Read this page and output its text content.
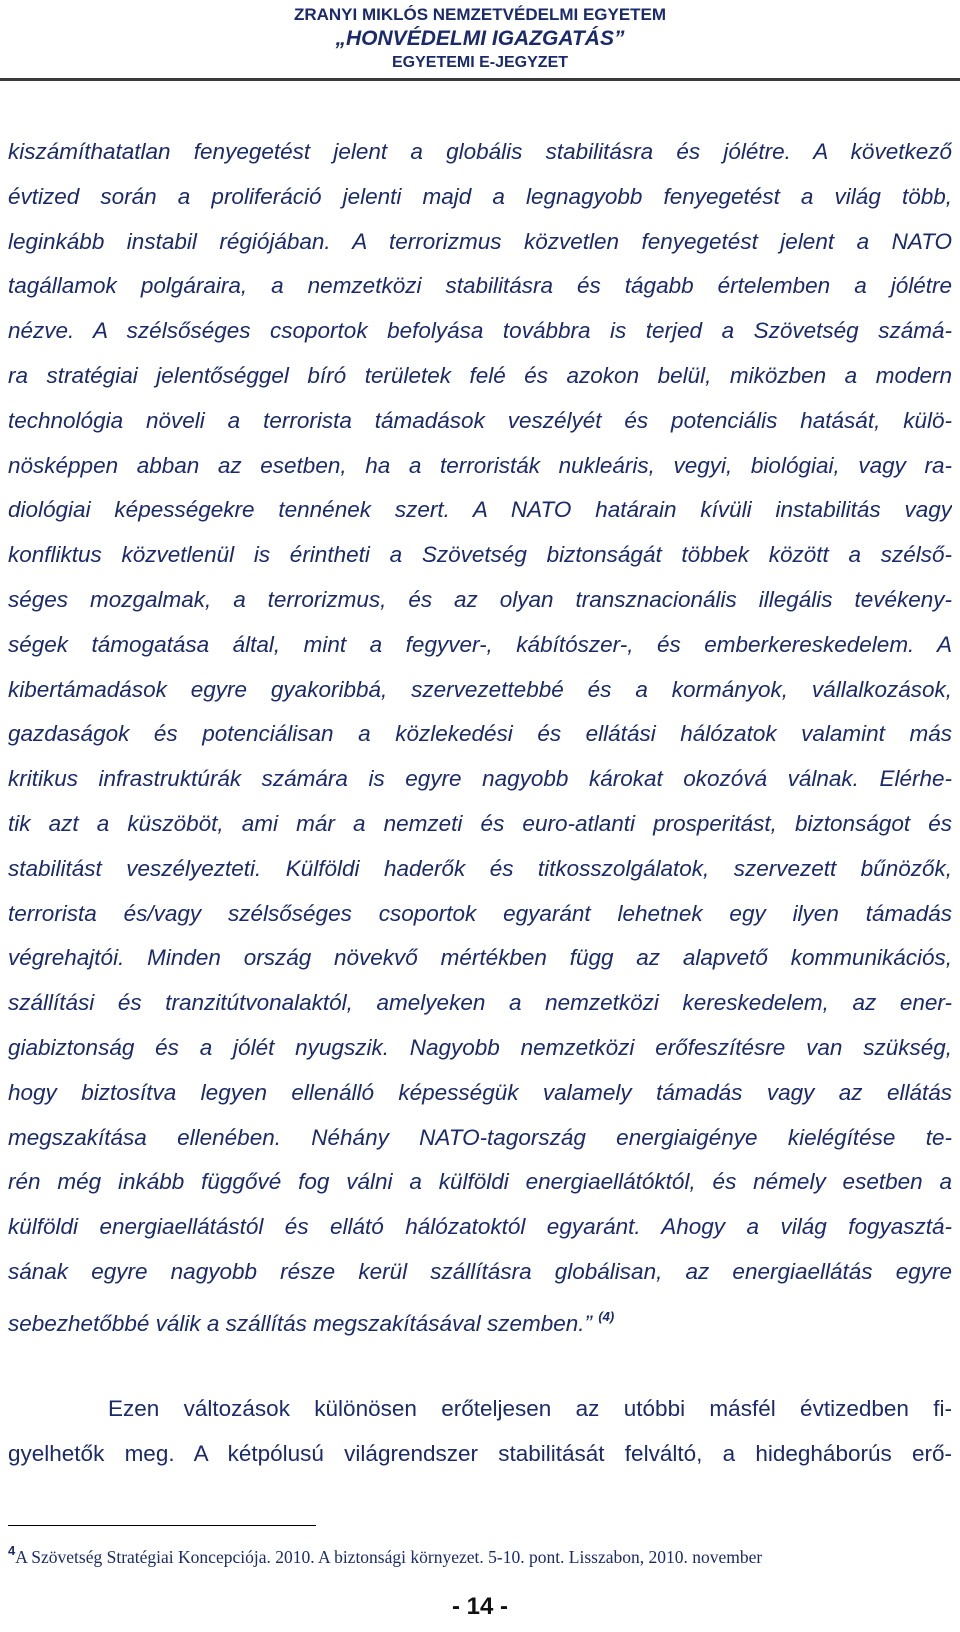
ZRANYI MIKLÓS NEMZETVÉDELMI EGYETEM
„HONVÉDELMI IGAZGATÁS”
EGYETEMI E-JEGYZET
kiszámíthatatlan fenyegetést jelent a globális stabilitásra és jólétre. A következő
évtized során a proliferáció jelenti majd a legnagyobb fenyegetést a világ több,
leginkább instabil régiójában. A terrorizmus közvetlen fenyegetést jelent a NATO
tagállamok polgáraira, a nemzetközi stabilitásra és tágabb értelemben a jólétre
nézve. A szélsőséges csoportok befolyása továbbra is terjed a Szövetség számá-
ra stratégiai jelentőséggel bíró területek felé és azokon belül, miközben a modern
technológia növeli a terrorista támadások veszélyét és potenciális hatását, külö-
nösképpen abban az esetben, ha a terroristák nukleáris, vegyi, biológiai, vagy ra-
diológiai képességekre tennének szert. A NATO határain kívüli instabilitás vagy
konfliktus közvetlenül is érintheti a Szövetség biztonságát többek között a szélső-
séges mozgalmak, a terrorizmus, és az olyan transznacionális illegális tevékeny-
ségek támogatása által, mint a fegyver-, kábítószer-, és emberkereskedelem. A
kibertámadások egyre gyakoribbá, szervezettebbé és a kormányok, vállalkozások,
gazdaságok és potenciálisan a közlekedési és ellátási hálózatok valamint más
kritikus infrastruktúrák számára is egyre nagyobb károkat okozóvá válnak. Elérhe-
tik azt a küszöböt, ami már a nemzeti és euro-atlanti prosperitást, biztonságot és
stabilitást veszélyezteti. Külföldi haderők és titkosszolgálatok, szervezett bűnözők,
terrorista és/vagy szélsőséges csoportok egyaránt lehetnek egy ilyen támadás
végrehajtói. Minden ország növekvő mértékben függ az alapvető kommunikációs,
szállítási és tranzitútvonalaktól, amelyeken a nemzetközi kereskedelem, az ener-
giabiztonság és a jólét nyugszik. Nagyobb nemzetközi erőfeszítésre van szükség,
hogy biztosítva legyen ellenálló képességük valamely támadás vagy az ellátás
megszakítása ellenében. Néhány NATO-tagország energiaigénye kielégítése te-
rén még inkább függővé fog válni a külföldi energiaellátóktól, és némely esetben a
külföldi energiaellátástól és ellátó hálózatoktól egyaránt. Ahogy a világ fogyasztá-
sának egyre nagyobb része kerül szállításra globálisan, az energiaellátás egyre
sebezhetőbbé válik a szállítás megszakításával szemben.” $^{(4)}$
Ezen változások különösen erőteljesen az utóbbi másfél évtizedben fi-
gyelhetők meg. A kétpólusú világrendszer stabilitását felváltó, a hidegháborús erő-
$^4$A Szövetség Stratégiai Koncepciója. 2010. A biztonsági környezet. 5-10. pont. Lisszabon, 2010. november
- 14 -
